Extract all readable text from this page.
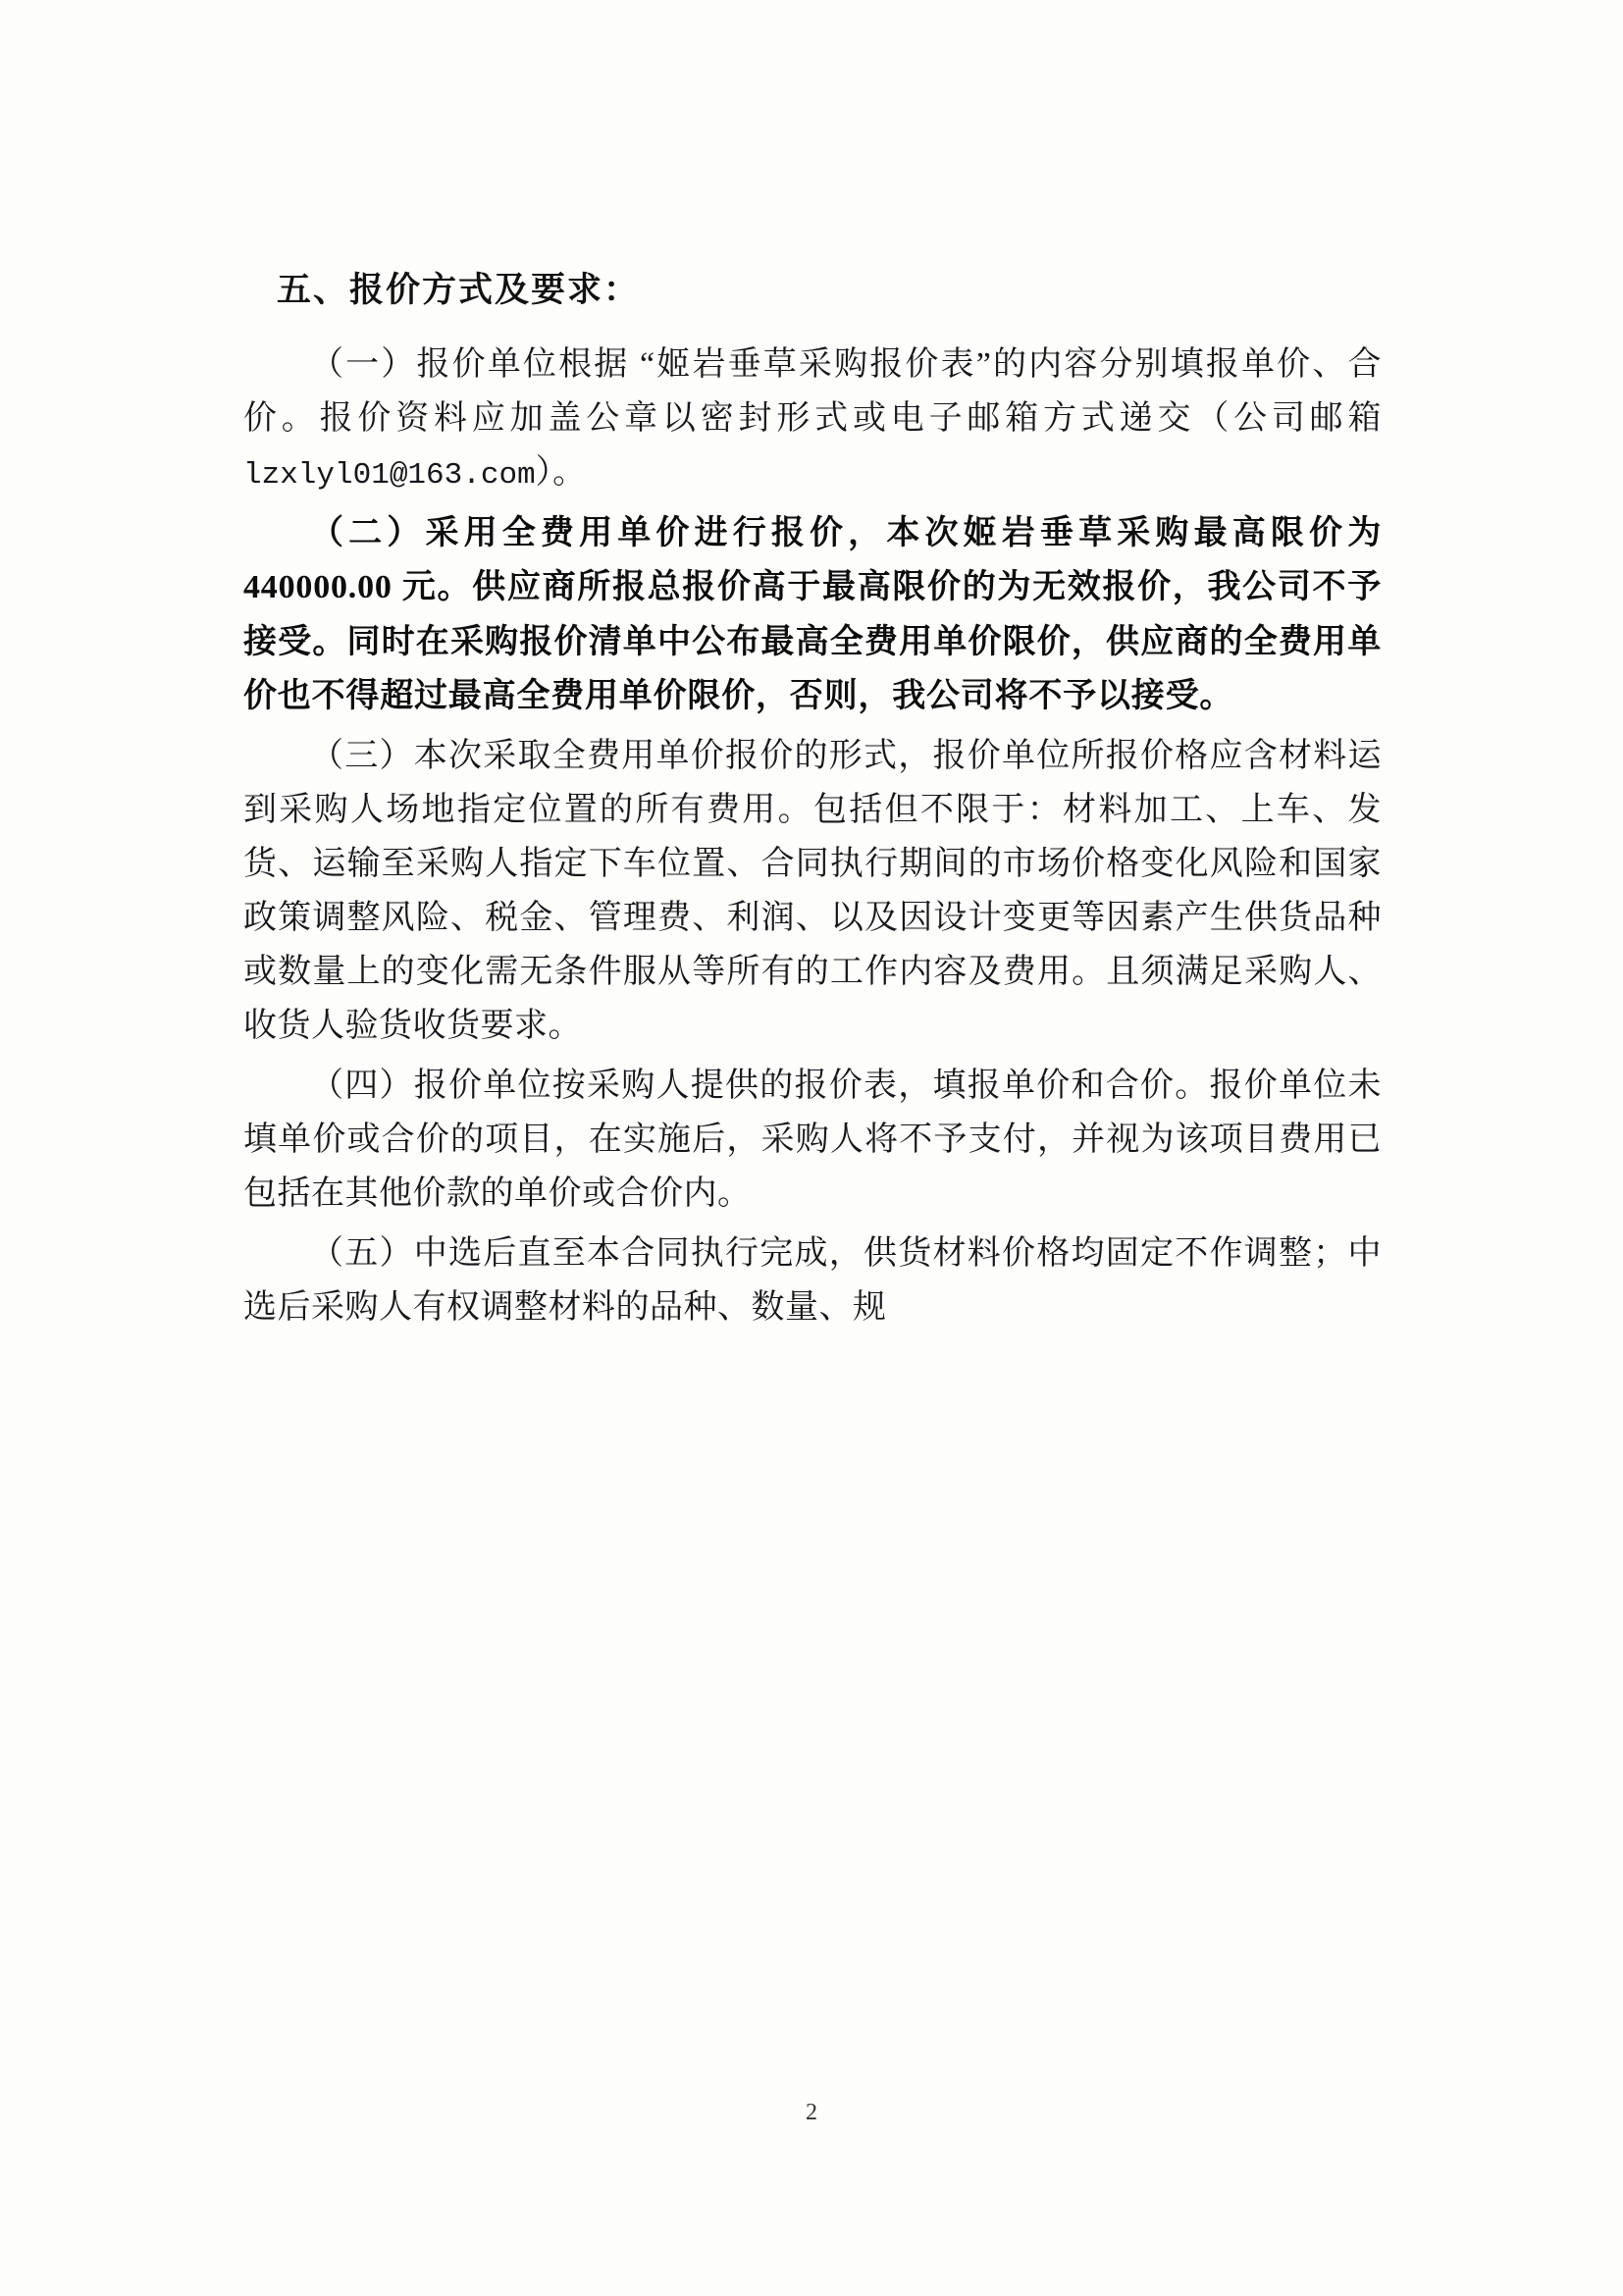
五、报价方式及要求：

（一）报价单位根据 “姬岩垂草采购报价表”的内容分别填报单价、合价。报价资料应加盖公章以密封形式或电子邮箱方式递交（公司邮箱 lzxlyl01@163.com）。

（二）采用全费用单价进行报价，本次姬岩垂草采购最高限价为 440000.00 元。供应商所报总报价高于最高限价的为无效报价，我公司不予接受。同时在采购报价清单中公布最高全费用单价限价，供应商的全费用单价也不得超过最高全费用单价限价，否则，我公司将不予以接受。

（三）本次采取全费用单价报价的形式，报价单位所报价格应含材料运到采购人场地指定位置的所有费用。包括但不限于：材料加工、上车、发货、运输至采购人指定下车位置、合同执行期间的市场价格变化风险和国家政策调整风险、税金、管理费、利润、以及因设计变更等因素产生供货品种或数量上的变化需无条件服从等所有的工作内容及费用。且须满足采购人、收货人验货收货要求。

（四）报价单位按采购人提供的报价表，填报单价和合价。报价单位未填单价或合价的项目，在实施后，采购人将不予支付，并视为该项目费用已包括在其他价款的单价或合价内。

（五）中选后直至本合同执行完成，供货材料价格均固定不作调整；中选后采购人有权调整材料的品种、数量、规

2
